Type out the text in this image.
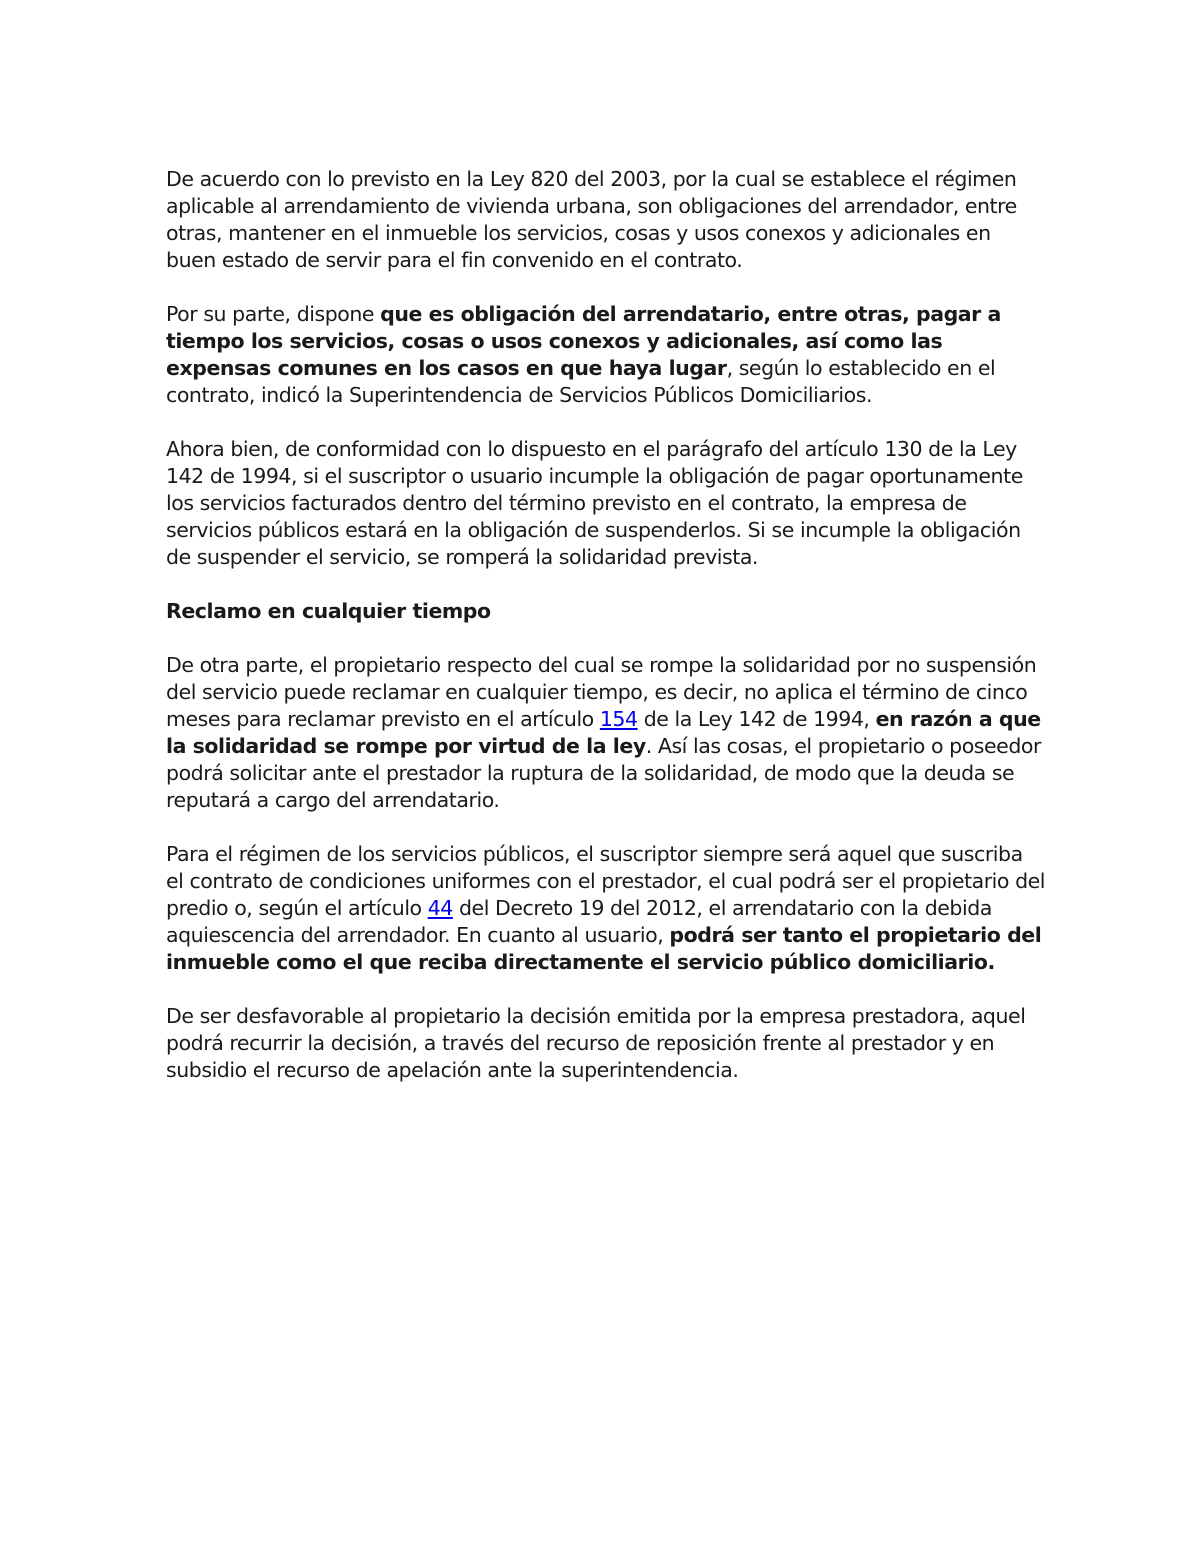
De acuerdo con lo previsto en la Ley 820 del 2003, por la cual se establece el régimen aplicable al arrendamiento de vivienda urbana, son obligaciones del arrendador, entre otras, mantener en el inmueble los servicios, cosas y usos conexos y adicionales en buen estado de servir para el fin convenido en el contrato.

Por su parte, dispone que es obligación del arrendatario, entre otras, pagar a tiempo los servicios, cosas o usos conexos y adicionales, así como las expensas comunes en los casos en que haya lugar, según lo establecido en el contrato, indicó la Superintendencia de Servicios Públicos Domiciliarios.

Ahora bien, de conformidad con lo dispuesto en el parágrafo del artículo 130 de la Ley 142 de 1994, si el suscriptor o usuario incumple la obligación de pagar oportunamente los servicios facturados dentro del término previsto en el contrato, la empresa de servicios públicos estará en la obligación de suspenderlos. Si se incumple la obligación de suspender el servicio, se romperá la solidaridad prevista.

Reclamo en cualquier tiempo

De otra parte, el propietario respecto del cual se rompe la solidaridad por no suspensión del servicio puede reclamar en cualquier tiempo, es decir, no aplica el término de cinco meses para reclamar previsto en el artículo 154 de la Ley 142 de 1994, en razón a que la solidaridad se rompe por virtud de la ley. Así las cosas, el propietario o poseedor podrá solicitar ante el prestador la ruptura de la solidaridad, de modo que la deuda se reputará a cargo del arrendatario.

Para el régimen de los servicios públicos, el suscriptor siempre será aquel que suscriba el contrato de condiciones uniformes con el prestador, el cual podrá ser el propietario del predio o, según el artículo 44 del Decreto 19 del 2012, el arrendatario con la debida aquiescencia del arrendador. En cuanto al usuario, podrá ser tanto el propietario del inmueble como el que reciba directamente el servicio público domiciliario.

De ser desfavorable al propietario la decisión emitida por la empresa prestadora, aquel podrá recurrir la decisión, a través del recurso de reposición frente al prestador y en subsidio el recurso de apelación ante la superintendencia.
